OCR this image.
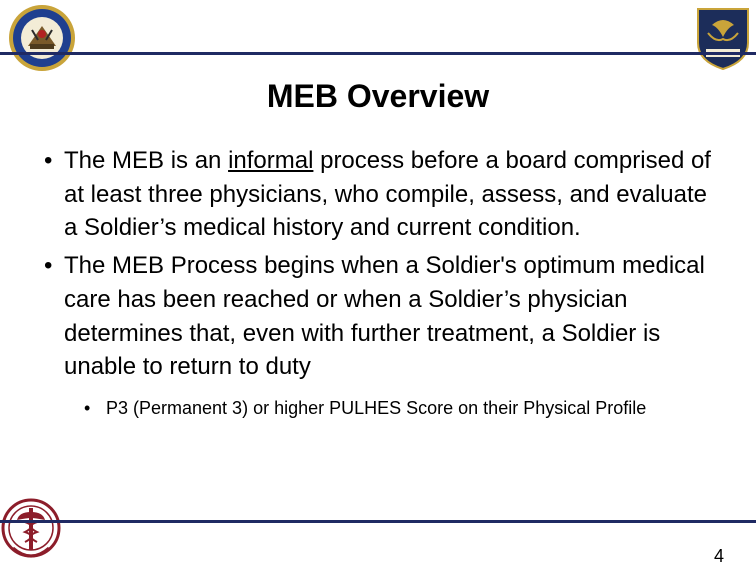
MEB Overview
• The MEB is an informal process before a board comprised of at least three physicians, who compile, assess, and evaluate a Soldier’s medical history and current condition.
• The MEB Process begins when a Soldier's optimum medical care has been reached or when a Soldier’s physician determines that, even with further treatment, a Soldier is unable to return to duty
• P3 (Permanent 3) or higher PULHES Score on their Physical Profile
4
